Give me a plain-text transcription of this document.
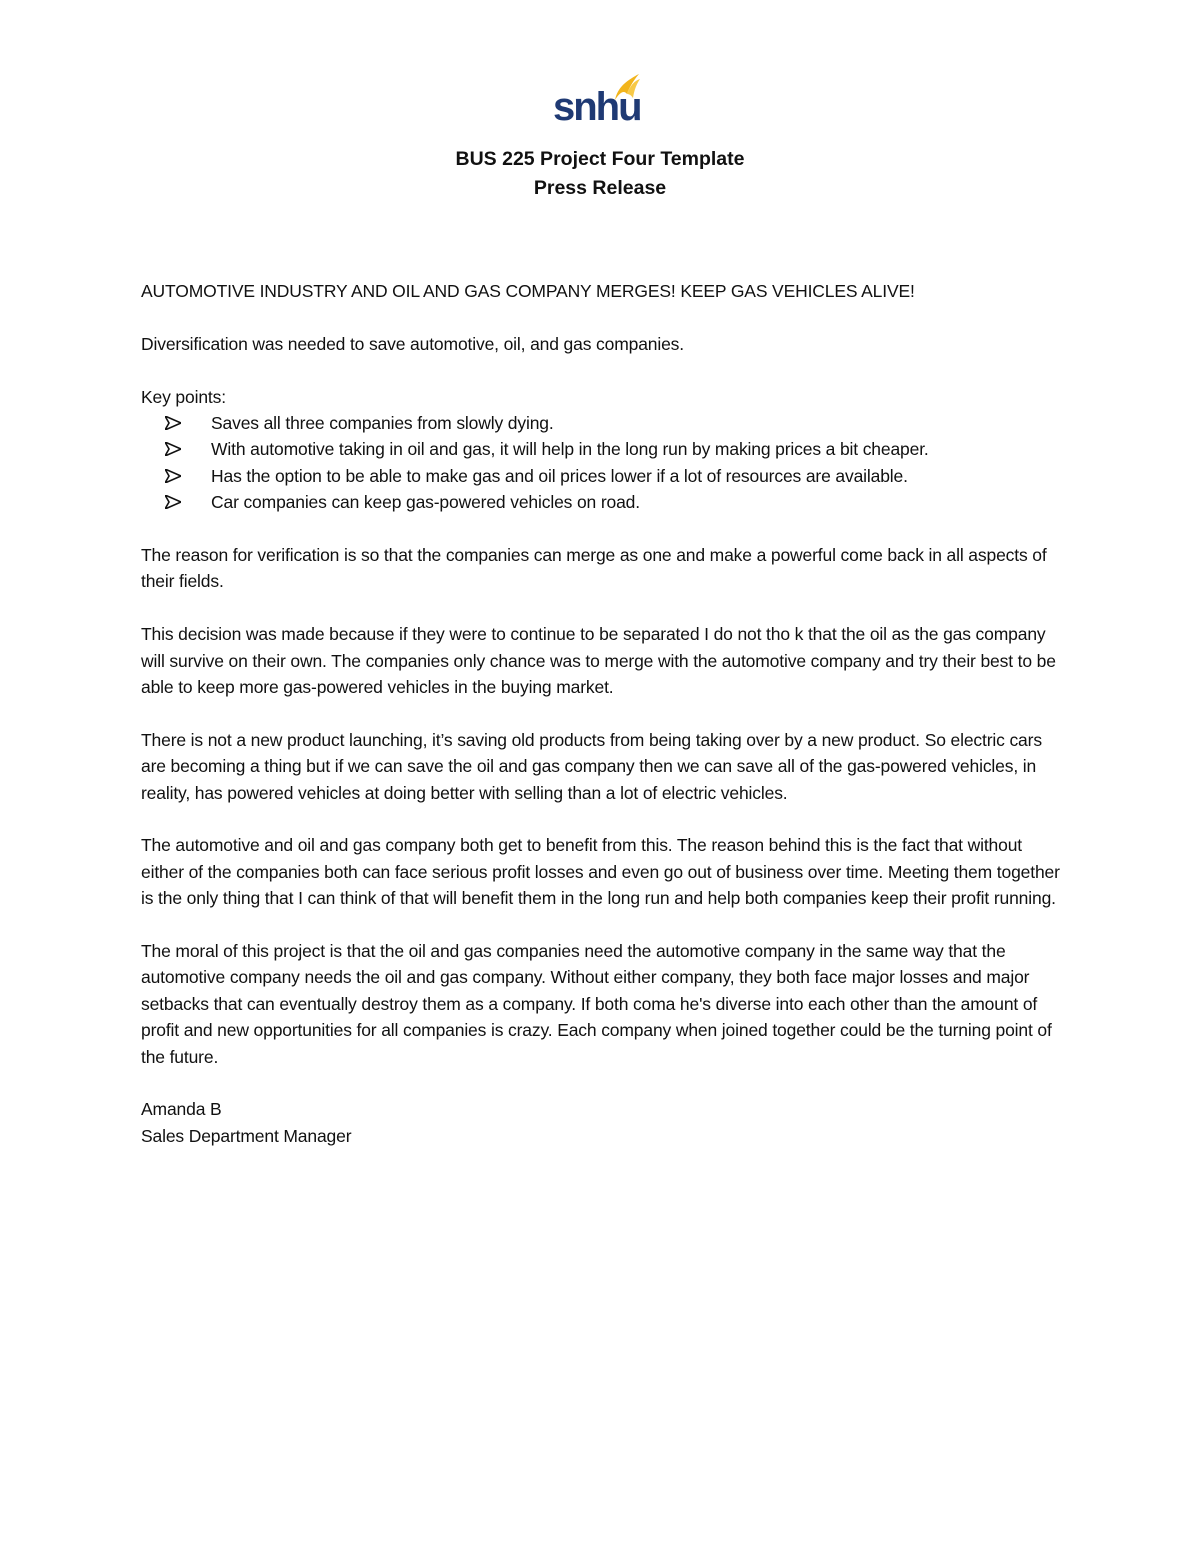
snhu
BUS 225 Project Four Template
Press Release

AUTOMOTIVE INDUSTRY AND OIL AND GAS COMPANY MERGES! KEEP GAS VEHICLES ALIVE!

Diversification was needed to save automotive, oil, and gas companies.

Key points:

Saves all three companies from slowly dying.
With automotive taking in oil and gas, it will help in the long run by making prices a bit cheaper.
Has the option to be able to make gas and oil prices lower if a lot of resources are available.
Car companies can keep gas-powered vehicles on road.

The reason for verification is so that the companies can merge as one and make a powerful come back in all aspects of their fields.

This decision was made because if they were to continue to be separated I do not tho k that the oil as the gas company will survive on their own. The companies only chance was to merge with the automotive company and try their best to be able to keep more gas-powered vehicles in the buying market.

There is not a new product launching, it’s saving old products from being taking over by a new product. So electric cars are becoming a thing but if we can save the oil and gas company then we can save all of the gas-powered vehicles, in reality, has powered vehicles at doing better with selling than a lot of electric vehicles.

The automotive and oil and gas company both get to benefit from this. The reason behind this is the fact that without either of the companies both can face serious profit losses and even go out of business over time. Meeting them together is the only thing that I can think of that will benefit them in the long run and help both companies keep their profit running.

The moral of this project is that the oil and gas companies need the automotive company in the same way that the automotive company needs the oil and gas company. Without either company, they both face major losses and major setbacks that can eventually destroy them as a company. If both coma he's diverse into each other than the amount of profit and new opportunities for all companies is crazy. Each company when joined together could be the turning point of the future.

Amanda B

Sales Department Manager
